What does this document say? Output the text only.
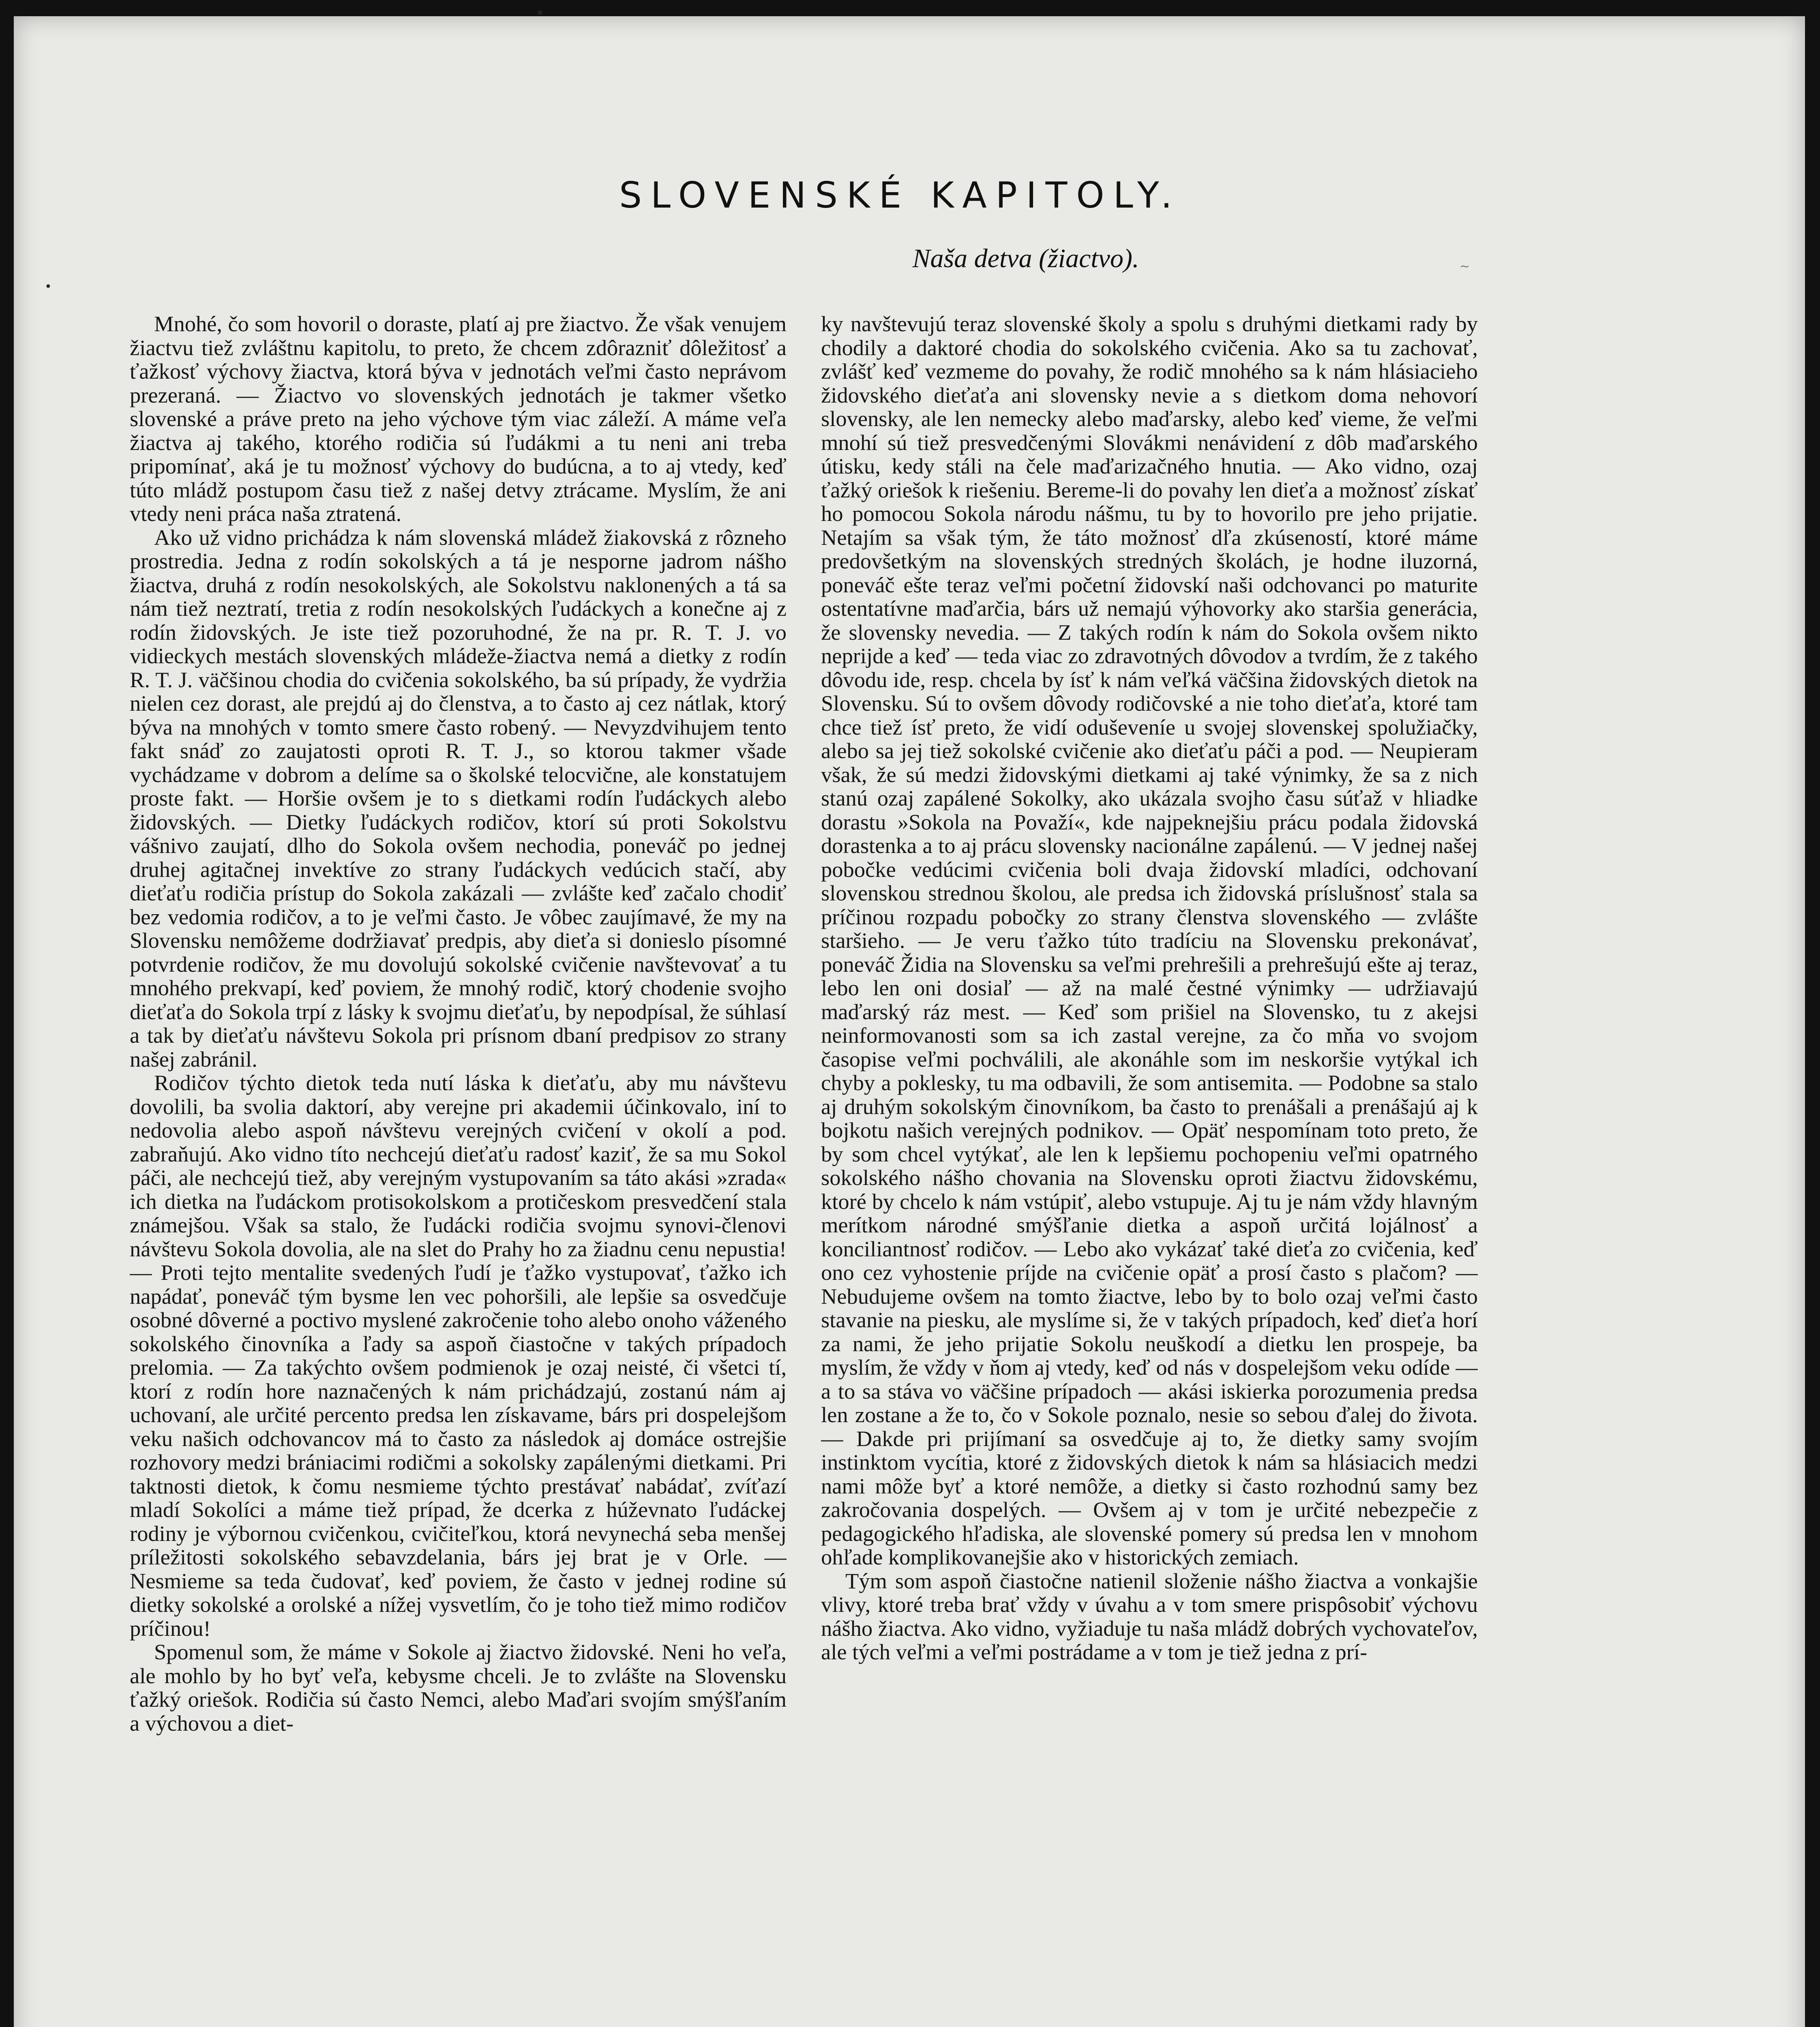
•
•
~
SLOVENSKÉ KAPITOLY.
Naša detva (žiactvo).

Mnohé, čo som hovoril o doraste, platí aj pre žiactvo. Že však venujem žiactvu tiež zvláštnu kapitolu, to preto, že chcem zdôrazniť dôležitosť a ťažkosť výchovy žiactva, ktorá býva v jednotách veľmi často neprávom prezeraná. — Žiactvo vo slovenských jednotách je takmer všetko slovenské a práve preto na jeho výchove tým viac záleží. A máme veľa žiactva aj takého, ktorého rodičia sú ľudákmi a tu neni ani treba pripomínať, aká je tu možnosť výchovy do budúcna, a to aj vtedy, keď túto mládž postupom času tiež z našej detvy ztrácame. Myslím, že ani vtedy neni práca naša ztratená.

Ako už vidno prichádza k nám slovenská mládež žiakovská z rôzneho prostredia. Jedna z rodín sokolských a tá je nesporne jadrom nášho žiactva, druhá z rodín nesokolských, ale Sokolstvu naklonených a tá sa nám tiež neztratí, tretia z rodín nesokolských ľudáckych a konečne aj z rodín židovských. Je iste tiež pozoruhodné, že na pr. R. T. J. vo vidieckych mestách slovenských mládeže-žiactva nemá a dietky z rodín R. T. J. väčšinou chodia do cvičenia sokolského, ba sú prípady, že vydržia nielen cez dorast, ale prejdú aj do členstva, a to často aj cez nátlak, ktorý býva na mnohých v tomto smere často robený. — Nevyzdvihujem tento fakt snáď zo zaujatosti oproti R. T. J., so ktorou takmer všade vychádzame v dobrom a delíme sa o školské telocvične, ale konstatujem proste fakt. — Horšie ovšem je to s dietkami rodín ľudáckych alebo židovských. — Dietky ľudáckych rodičov, ktorí sú proti Sokolstvu vášnivo zaujatí, dlho do Sokola ovšem nechodia, poneváč po jednej druhej agitačnej invektíve zo strany ľudáckych vedúcich stačí, aby dieťaťu rodičia prístup do Sokola zakázali — zvlášte keď začalo chodiť bez vedomia rodičov, a to je veľmi často. Je vôbec zaujímavé, že my na Slovensku nemôžeme dodržiavať predpis, aby dieťa si donieslo písomné potvrdenie rodičov, že mu dovolujú sokolské cvičenie navštevovať a tu mnohého prekvapí, keď poviem, že mnohý rodič, ktorý chodenie svojho dieťaťa do Sokola trpí z lásky k svojmu dieťaťu, by nepodpísal, že súhlasí a tak by dieťaťu návštevu Sokola pri prísnom dbaní predpisov zo strany našej zabránil.

Rodičov týchto dietok teda nutí láska k dieťaťu, aby mu návštevu dovolili, ba svolia daktorí, aby verejne pri akademii účinkovalo, iní to nedovolia alebo aspoň návštevu verejných cvičení v okolí a pod. zabraňujú. Ako vidno títo nechcejú dieťaťu radosť kaziť, že sa mu Sokol páči, ale nechcejú tiež, aby verejným vystupovaním sa táto akási »zrada« ich dietka na ľudáckom protisokolskom a protičeskom presvedčení stala známejšou. Však sa stalo, že ľudácki rodičia svojmu synovi-členovi návštevu Sokola dovolia, ale na slet do Prahy ho za žiadnu cenu nepustia! — Proti tejto mentalite svedených ľudí je ťažko vystupovať, ťažko ich napádať, poneváč tým bysme len vec pohoršili, ale lepšie sa osvedčuje osobné dôverné a poctivo myslené zakročenie toho alebo onoho váženého sokolského činovníka a ľady sa aspoň čiastočne v takých prípadoch prelomia. — Za takýchto ovšem podmienok je ozaj neisté, či všetci tí, ktorí z rodín hore naznačených k nám prichádzajú, zostanú nám aj uchovaní, ale určité percento predsa len získavame, bárs pri dospelejšom veku našich odchovancov má to často za následok aj domáce ostrejšie rozhovory medzi brániacimi rodičmi a sokolsky zapálenými dietkami. Pri taktnosti dietok, k čomu nesmieme týchto prestávať nabádať, zvíťazí mladí Sokolíci a máme tiež prípad, že dcerka z húževnato ľudáckej rodiny je výbornou cvičenkou, cvičiteľkou, ktorá nevynechá seba menšej príležitosti sokolského sebavzdelania, bárs jej brat je v Orle. — Nesmieme sa teda čudovať, keď poviem, že často v jednej rodine sú dietky sokolské a orolské a nížej vysvetlím, čo je toho tiež mimo rodičov príčinou!

Spomenul som, že máme v Sokole aj žiactvo židovské. Neni ho veľa, ale mohlo by ho byť veľa, kebysme chceli. Je to zvlášte na Slovensku ťažký oriešok. Rodičia sú často Nemci, alebo Maďari svojím smýšľaním a výchovou a diet-

ky navštevujú teraz slovenské školy a spolu s druhými dietkami rady by chodily a daktoré chodia do sokolského cvičenia. Ako sa tu zachovať, zvlášť keď vezmeme do povahy, že rodič mnohého sa k nám hlásiacieho židovského dieťaťa ani slovensky nevie a s dietkom doma nehovorí slovensky, ale len nemecky alebo maďarsky, alebo keď vieme, že veľmi mnohí sú tiež presvedčenými Slovákmi nenávidení z dôb maďarského útisku, kedy stáli na čele maďarizačného hnutia. — Ako vidno, ozaj ťažký oriešok k riešeniu. Bereme-li do povahy len dieťa a možnosť získať ho pomocou Sokola národu nášmu, tu by to hovorilo pre jeho prijatie. Netajím sa však tým, že táto možnosť dľa zkúseností, ktoré máme predovšetkým na slovenských stredných školách, je hodne iluzorná, poneváč ešte teraz veľmi početní židovskí naši odchovanci po maturite ostentatívne maďarčia, bárs už nemajú výhovorky ako staršia generácia, že slovensky nevedia. — Z takých rodín k nám do Sokola ovšem nikto neprijde a keď — teda viac zo zdravotných dôvodov a tvrdím, že z takého dôvodu ide, resp. chcela by ísť k nám veľká väčšina židovských dietok na Slovensku. Sú to ovšem dôvody rodičovské a nie toho dieťaťa, ktoré tam chce tiež ísť preto, že vidí oduševeníe u svojej slovenskej spolužiačky, alebo sa jej tiež sokolské cvičenie ako dieťaťu páči a pod. — Neupieram však, že sú medzi židovskými dietkami aj také výnimky, že sa z nich stanú ozaj zapálené Sokolky, ako ukázala svojho času súťaž v hliadke dorastu »Sokola na Považí«, kde najpeknejšiu prácu podala židovská dorastenka a to aj prácu slovensky nacionálne zapálenú. — V jednej našej pobočke vedúcimi cvičenia boli dvaja židovskí mladíci, odchovaní slovenskou strednou školou, ale predsa ich židovská príslušnosť stala sa príčinou rozpadu pobočky zo strany členstva slovenského — zvlášte staršieho. — Je veru ťažko túto tradíciu na Slovensku prekonávať, poneváč Židia na Slovensku sa veľmi prehrešili a prehrešujú ešte aj teraz, lebo len oni dosiaľ — až na malé čestné výnimky — udržiavajú maďarský ráz mest. — Keď som prišiel na Slovensko, tu z akejsi neinformovanosti som sa ich zastal verejne, za čo mňa vo svojom časopise veľmi pochválili, ale akonáhle som im neskoršie vytýkal ich chyby a poklesky, tu ma odbavili, že som antisemita. — Podobne sa stalo aj druhým sokolským činovníkom, ba často to prenášali a prenášajú aj k bojkotu našich verejných podnikov. — Opäť nespomínam toto preto, že by som chcel vytýkať, ale len k lepšiemu pochopeniu veľmi opatrného sokolského nášho chovania na Slovensku oproti žiactvu židovskému, ktoré by chcelo k nám vstúpiť, alebo vstupuje. Aj tu je nám vždy hlavným merítkom národné smýšľanie dietka a aspoň určitá lojálnosť a konciliantnosť rodičov. — Lebo ako vykázať také dieťa zo cvičenia, keď ono cez vyhostenie príjde na cvičenie opäť a prosí často s plačom? — Nebudujeme ovšem na tomto žiactve, lebo by to bolo ozaj veľmi často stavanie na piesku, ale myslíme si, že v takých prípadoch, keď dieťa horí za nami, že jeho prijatie Sokolu neuškodí a dietku len prospeje, ba myslím, že vždy v ňom aj vtedy, keď od nás v dospelejšom veku odíde — a to sa stáva vo väčšine prípadoch — akási iskierka porozumenia predsa len zostane a že to, čo v Sokole poznalo, nesie so sebou ďalej do života. — Dakde pri prijímaní sa osvedčuje aj to, že dietky samy svojím instinktom vycítia, ktoré z židovských dietok k nám sa hlásiacich medzi nami môže byť a ktoré nemôže, a dietky si často rozhodnú samy bez zakročovania dospelých. — Ovšem aj v tom je určité nebezpečie z pedagogického hľadiska, ale slovenské pomery sú predsa len v mnohom ohľade komplikovanejšie ako v historických zemiach.

Tým som aspoň čiastočne natienil složenie nášho žiactva a vonkajšie vlivy, ktoré treba brať vždy v úvahu a v tom smere prispôsobiť výchovu nášho žiactva. Ako vidno, vyžiaduje tu naša mládž dobrých vychovateľov, ale tých veľmi a veľmi postrádame a v tom je tiež jedna z prí-
